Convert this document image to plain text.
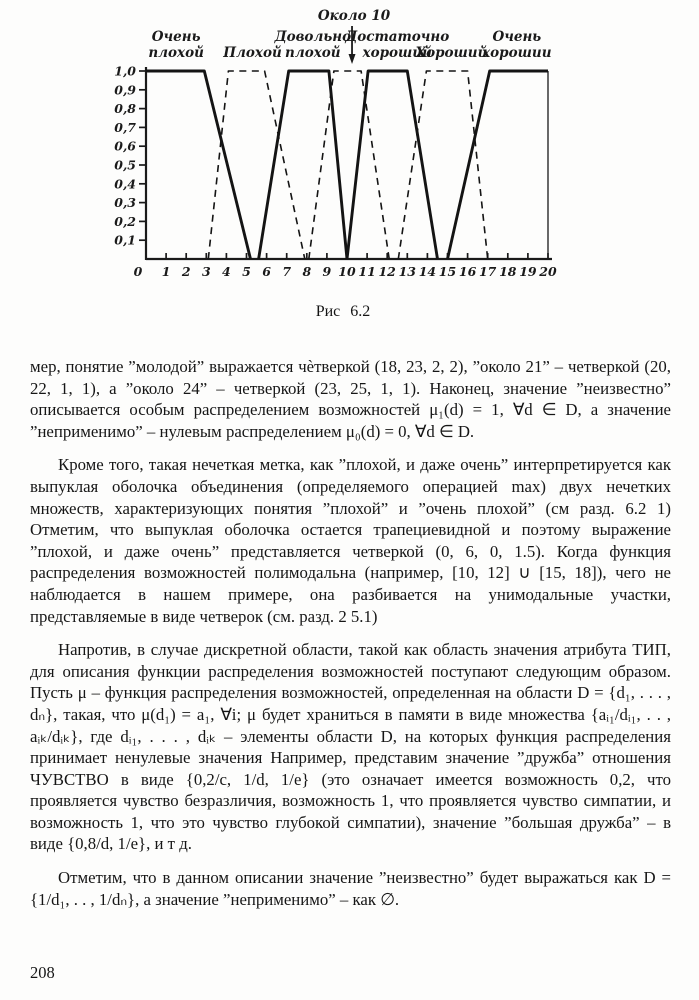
1,0
0,9
0,8
0,7
0,6
0,5
0,4
0,3
0,2
0,1
0 1 2 3 4 5 6 7 8 9 10 11 12 13 14 15 16 17 18 19 20
Очень плохой Плохой
Довольно плохой
Около 10
Достаточно хороший
Хороший
Очень хорошии
Рис 6.2

мер, понятие ”молодой” выражается чѐтверкой (18, 23, 2, 2), ”около 21” – четверкой (20, 22, 1, 1), а ”около 24” – четверкой (23, 25, 1, 1). Наконец, значение ”неизвестно” описывается особым распределением возможностей μ₁(d) = 1, ∀d ∈ D, а значение ”неприменимо” – нулевым распределением μ₀(d) = 0, ∀d ∈ D.

Кроме того, такая нечеткая метка, как ”плохой, и даже очень” интерпретируется как выпуклая оболочка объединения (определяемого операцией max) двух нечетких множеств, характеризующих понятия ”плохой” и ”очень плохой” (см разд. 6.2 1) Отметим, что выпуклая оболочка остается трапециевидной и поэтому выражение ”плохой, и даже очень” представляется четверкой (0, 6, 0, 1.5). Когда функция распределения возможностей полимодальна (например, [10, 12] ∪ [15, 18]), чего не наблюдается в нашем примере, она разбивается на унимодальные участки, представляемые в виде четверок (см. разд. 2 5.1)

Напротив, в случае дискретной области, такой как область значения атрибута ТИП, для описания функции распределения возможностей поступают следующим образом. Пусть μ – функция распределения возможностей, определенная на области D = {d₁, . . . , dₙ}, такая, что μ(d₁) = a₁, ∀i; μ будет храниться в памяти в виде множества {aᵢ₁/dᵢ₁, . . , aᵢₖ/dᵢₖ}, где dᵢ₁, . . . , dᵢₖ – элементы области D, на которых функция распределения принимает ненулевые значения Например, представим значение ”дружба” отношения ЧУВСТВО в виде {0,2/c, 1/d, 1/e} (это означает имеется возможность 0,2, что проявляется чувство безразличия, возможность 1, что проявляется чувство симпатии, и возможность 1, что это чувство глубокой симпатии), значение ”большая дружба” – в виде {0,8/d, 1/e}, и т д.

Отметим, что в данном описании значение ”неизвестно” будет выражаться как D = {1/d₁, . . , 1/dₙ}, а значение ”неприменимо” – как ∅.

208
